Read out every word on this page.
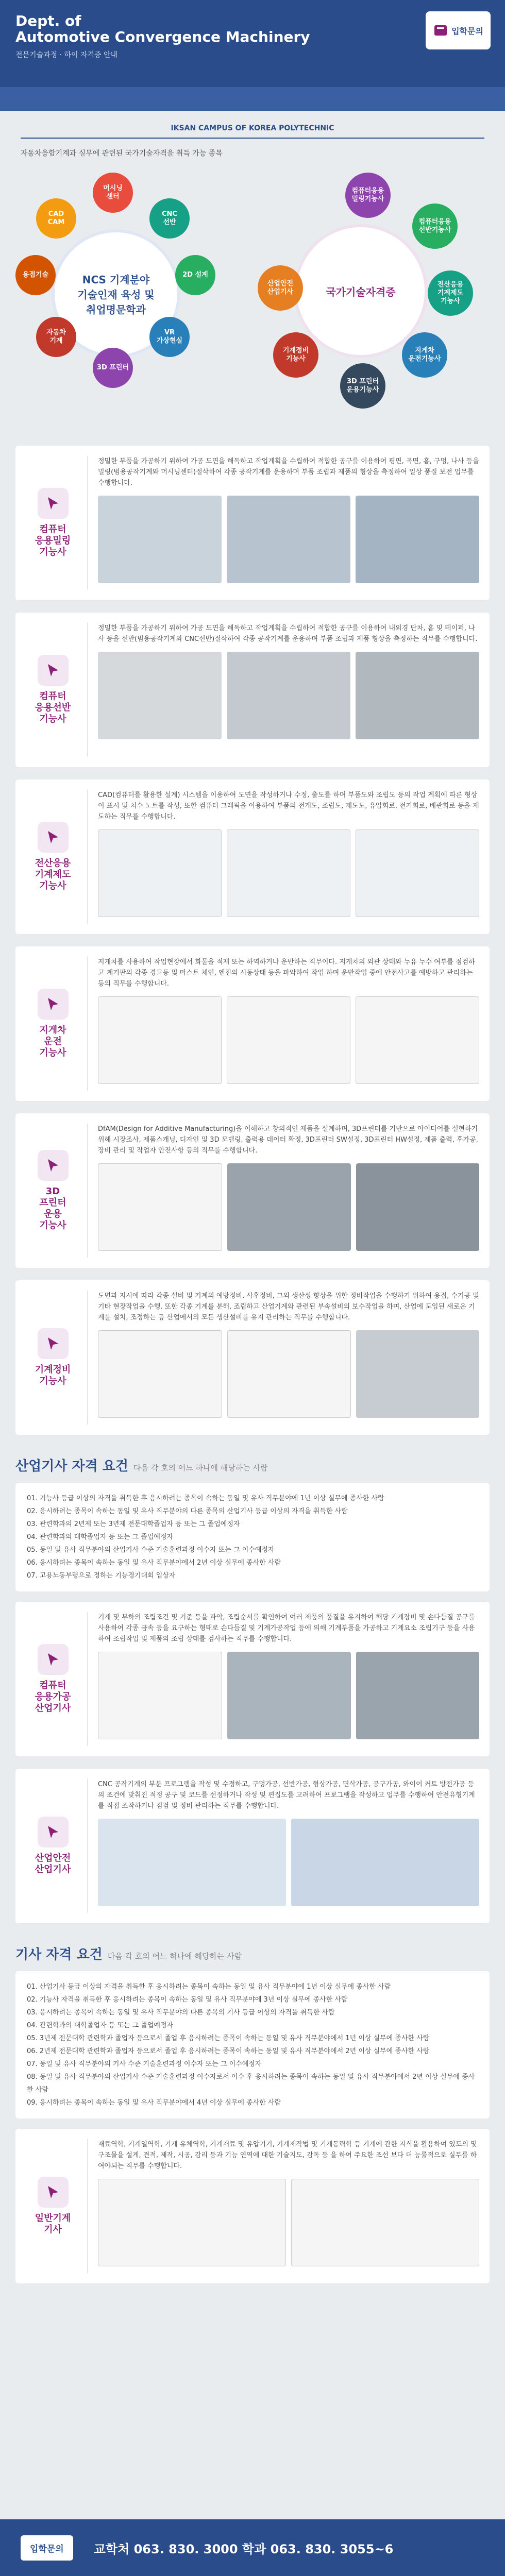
Dept. of
Automotive Convergence Machinery
전문기술과정 · 하이 자격증 안내
입학문의
IKSAN CAMPUS OF KOREA POLYTECHNIC
자동차융합기계과 실무에 관련된 국가기술자격을 취득 가능 종목
NCS 기계분야
기술인재 육성 및
취업명문학과
CAD
CAM
머시닝
센터
CNC
선반
2D 설계
VR
가상현실
3D 프린터
자동차
기계
용접기술
국가기술자격증
컴퓨터응용
밀링기능사
컴퓨터응용
선반기능사
전산응용
기계제도
기능사
지게차
운전기능사
3D 프린터
운용기능사
기계정비
기능사
산업안전
산업기사
컴퓨터
응용밀링
기능사
정밀한 부품을 가공하기 위하여 가공 도면을 해독하고 작업계획을 수립하여 적합한 공구를 이용하여 평면, 곡면, 홈, 구멍, 나사 등을 밀링(범용공작기계와 머시닝센터)절삭하여 각종 공작기계를 운용하며 부품 조립과 제품의 형상을 측정하여 일상 품질 보전 업무를 수행합니다.
컴퓨터
응용선반
기능사
정밀한 부품을 가공하기 위하여 가공 도면을 해독하고 작업계획을 수립하여 적합한 공구를 이용하여 내외경 단차, 홈 및 테이퍼, 나사 등을 선반(범용공작기계와 CNC선반)절삭하여 각종 공작기계를 운용하며 부품 조립과 제품 형상을 측정하는 직무를 수행합니다.
전산응용
기계제도
기능사
CAD(컴퓨터를 활용한 설계) 시스템을 이용하여 도면을 작성하거나 수정, 출도를 하며 부품도와 조립도 등의 작업 계획에 따른 형상이 표시 및 치수 노트를 작성, 또한 컴퓨터 그래픽을 이용하여 부품의 전개도, 조립도, 제도도, 유압회로, 전기회로, 배관회로 등을 제도하는 직무를 수행합니다.
지게차
운전
기능사
지게차를 사용하여 작업현장에서 화물을 적재 또는 하역하거나 운반하는 직무이다. 지게차의 외관 상태와 누유 누수 여부를 점검하고 계기판의 각종 경고등 및 마스트 체인, 엔진의 시동상태 등을 파악하여 작업 하며 운반작업 중에 안전사고를 예방하고 관리하는 등의 직무를 수행합니다.
3D
프린터
운용
기능사
DfAM(Design for Additive Manufacturing)을 이해하고 창의적인 제품을 설계하며, 3D프린터를 기반으로 아이디어를 실현하기 위해 시장조사, 제품스캐닝, 디자인 및 3D 모델링, 출력용 데이터 확정, 3D프린터 SW설정, 3D프린터 HW설정, 제품 출력, 후가공, 장비 관리 및 작업자 안전사항 등의 직무를 수행합니다.
기계정비
기능사
도면과 지시에 따라 각종 설비 및 기계의 예방정비, 사후정비, 그외 생산성 향상을 위한 정비작업을 수행하기 위하여 용접, 수기공 및 기타 현장작업을 수행. 또한 각종 기계를 분해, 조립하고 산업기계와 관련된 부속설비의 보수작업을 하며, 산업에 도입된 새로운 기계를 설치, 조정하는 등 산업에서의 모든 생산설비를 유지 관리하는 직무를 수행합니다.
산업기사 자격 요건 다음 각 호의 어느 하나에 해당하는 사람
01. 기능사 등급 이상의 자격을 취득한 후 응시하려는 종목이 속하는 동일 및 유사 직무분야에 1년 이상 실무에 종사한 사람
02. 응시하려는 종목이 속하는 동일 및 유사 직무분야의 다른 종목의 산업기사 등급 이상의 자격을 취득한 사람
03. 관련학과의 2년제 또는 3년제 전문대학졸업자 등 또는 그 졸업예정자
04. 관련학과의 대학졸업자 등 또는 그 졸업예정자
05. 동일 및 유사 직무분야의 산업기사 수준 기술훈련과정 이수자 또는 그 이수예정자
06. 응시하려는 종목이 속하는 동일 및 유사 직무분야에서 2년 이상 실무에 종사한 사람
07. 고용노동부령으로 정하는 기능경기대회 입상자
컴퓨터
응용가공
산업기사
기계 및 부하의 조립조건 및 기준 등을 파악, 조립순서를 확인하여 여러 제품의 품질을 유지하여 해당 기계장비 및 손다듬질 공구를 사용하여 각종 금속 등을 요구하는 형태로 손다듬질 및 기계가공작업 등에 의해 기계부품을 가공하고 기계요소 조립기구 등을 사용하여 조립작업 및 제품의 조립 상태를 검사하는 직무를 수행합니다.
산업안전
산업기사
CNC 공작기계의 부분 프로그램을 작성 및 수정하고, 구멍가공, 선반가공, 형상가공, 면삭가공, 공구가공, 와이어 커트 방전가공 등의 조건에 맞춰진 적정 공구 및 코드를 선정하거나 작성 및 편집도를 고려하여 프로그램을 작성하고 업무를 수행하여 안전유형기계를 직접 조작하거나 점검 및 정비 관리하는 직무를 수행합니다.
기사 자격 요건 다음 각 호의 어느 하나에 해당하는 사람
01. 산업기사 등급 이상의 자격을 취득한 후 응시하려는 종목이 속하는 동일 및 유사 직무분야에 1년 이상 실무에 종사한 사람
02. 기능사 자격을 취득한 후 응시하려는 종목이 속하는 동일 및 유사 직무분야에 3년 이상 실무에 종사한 사람
03. 응시하려는 종목이 속하는 동일 및 유사 직무분야의 다른 종목의 기사 등급 이상의 자격을 취득한 사람
04. 관련학과의 대학졸업자 등 또는 그 졸업예정자
05. 3년제 전문대학 관련학과 졸업자 등으로서 졸업 후 응시하려는 종목이 속하는 동일 및 유사 직무분야에서 1년 이상 실무에 종사한 사람
06. 2년제 전문대학 관련학과 졸업자 등으로서 졸업 후 응시하려는 종목이 속하는 동일 및 유사 직무분야에서 2년 이상 실무에 종사한 사람
07. 동일 및 유사 직무분야의 기사 수준 기술훈련과정 이수자 또는 그 이수예정자
08. 동일 및 유사 직무분야의 산업기사 수준 기술훈련과정 이수자로서 이수 후 응시하려는 종목이 속하는 동일 및 유사 직무분야에서 2년 이상 실무에 종사한 사람
09. 응시하려는 종목이 속하는 동일 및 유사 직무분야에서 4년 이상 실무에 종사한 사람
일반기계
기사
재료역학, 기계열역학, 기계 유체역학, 기계재료 및 유압기기, 기계제작법 및 기계동력학 등 기계에 관한 지식을 활용하여 였도의 및 구조물을 설계, 견적, 제작, 시공, 감리 등과 기능 연역에 대한 기술지도, 감독 등 을 하여 주요한 조선 보다 더 능률적으로 실무를 하여야되는 직무를 수행합니다.
입학문의	교학처 063. 830. 3000 학과 063. 830. 3055~6
